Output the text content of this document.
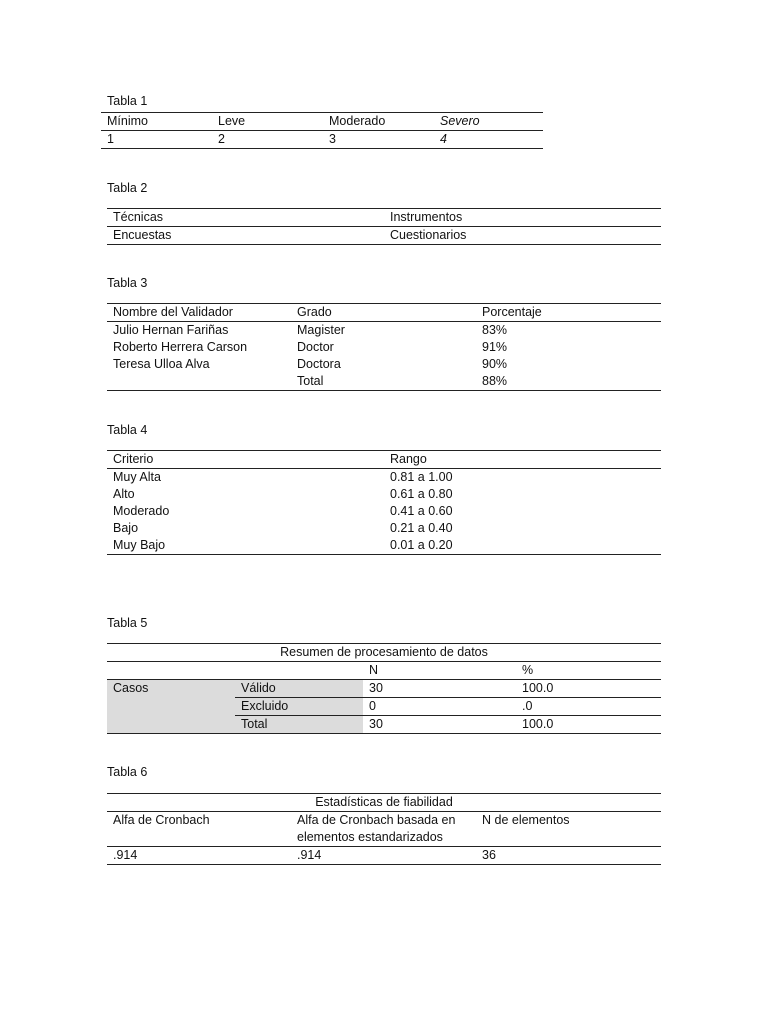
Tabla 1
Mínimo	Leve	Moderado	Severo
1	2	3	4
Tabla 2
Técnicas	Instrumentos
Encuestas	Cuestionarios
Tabla 3
Nombre del Validador	Grado	Porcentaje
Julio Hernan Fariñas	Magister	83%
Roberto Herrera Carson	Doctor	91%
Teresa Ulloa Alva	Doctora	90%
	Total	88%
Tabla 4
Criterio	Rango
Muy Alta	0.81 a 1.00
Alto	0.61 a 0.80
Moderado	0.41 a 0.60
Bajo	0.21 a 0.40
Muy Bajo	0.01 a 0.20
Tabla 5
Resumen de procesamiento de datos			
		N	%
Casos	Válido	30	100.0
	Excluido	0	.0
	Total	30	100.0
Tabla 6
Estadísticas de fiabilidad		
Alfa de Cronbach	Alfa de Cronbach basada en elementos estandarizados	N de elementos
.914	.914	36
